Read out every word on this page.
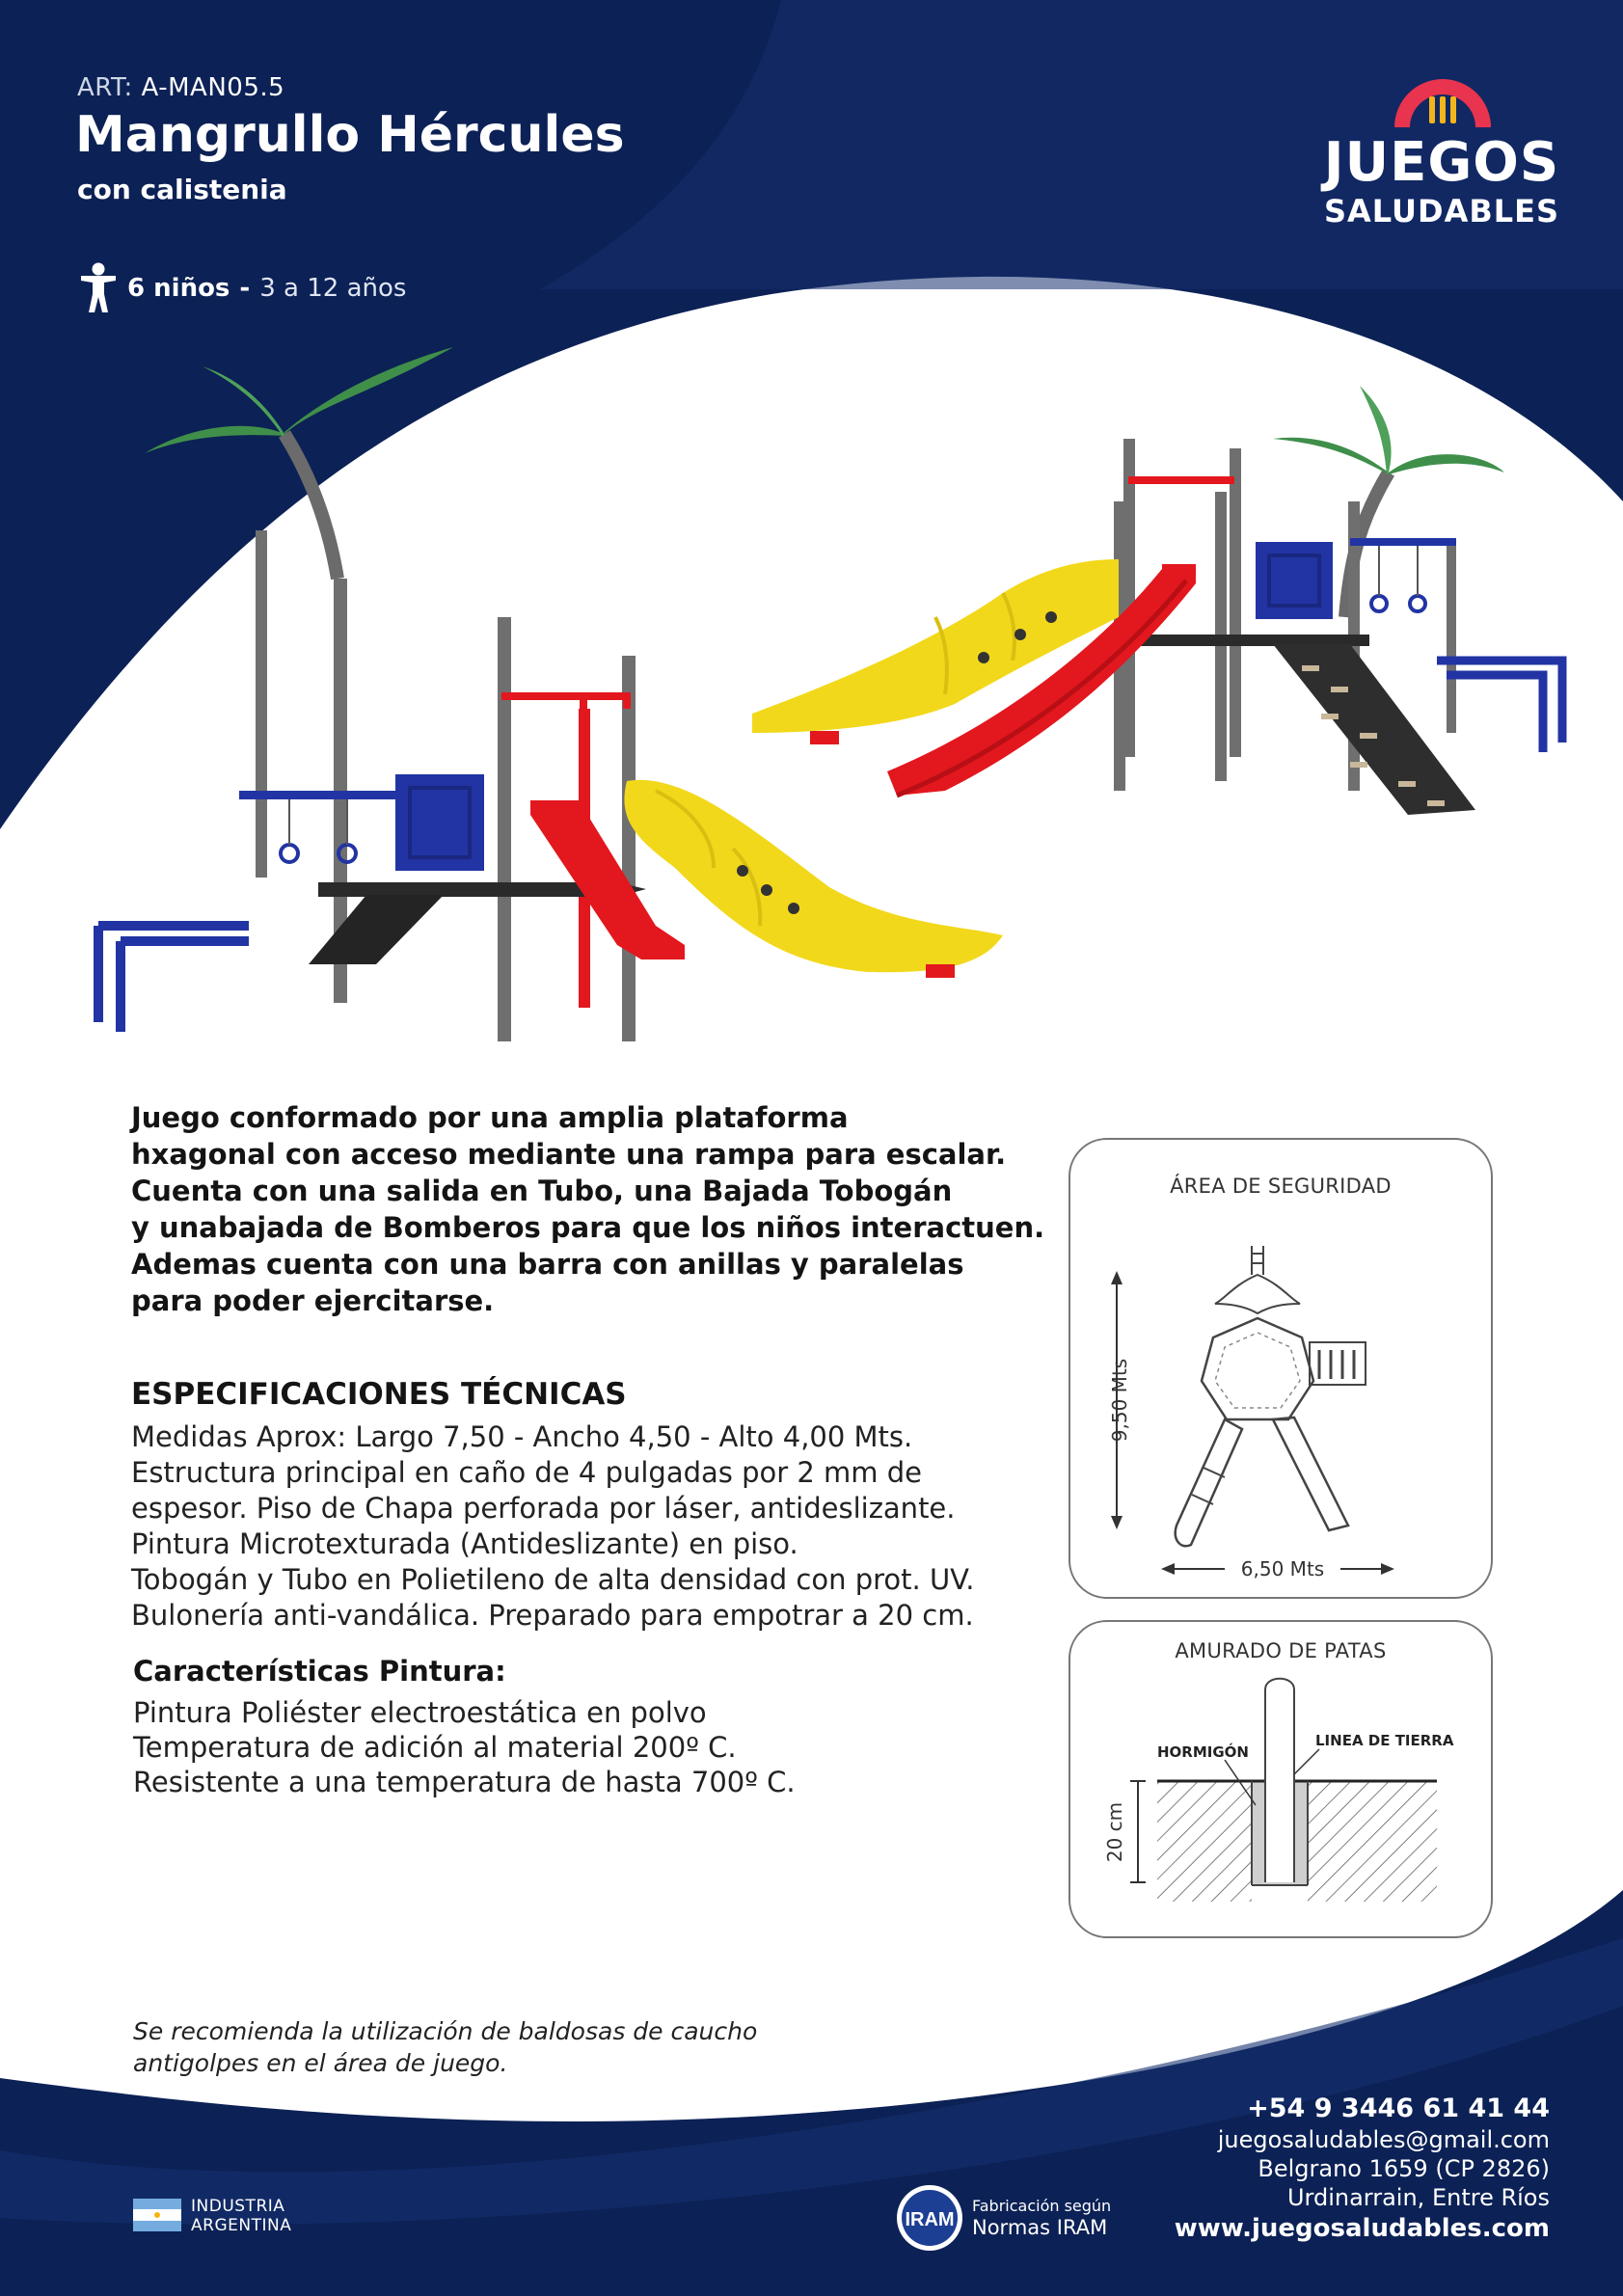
ART: A-MAN05.5
Mangrullo Hércules
con calistenia
6 niños - 3 a 12 años
JUEGOS
SALUDABLES
Juego conformado por una amplia plataforma
hxagonal con acceso mediante una rampa para escalar.
Cuenta con una salida en Tubo, una Bajada Tobogán
y unabajada de Bomberos para que los niños interactuen.
Ademas cuenta con una barra con anillas y paralelas
para poder ejercitarse.
ESPECIFICACIONES TÉCNICAS
Medidas Aprox: Largo 7,50 - Ancho 4,50 - Alto 4,00 Mts.
Estructura principal en caño de 4 pulgadas por 2 mm de
espesor. Piso de Chapa perforada por láser, antideslizante.
Pintura Microtexturada (Antideslizante) en piso.
Tobogán y Tubo en Polietileno de alta densidad con prot. UV.
Bulonería anti-vandálica. Preparado para empotrar a 20 cm.
Características Pintura:
Pintura Poliéster electroestática en polvo
Temperatura de adición al material 200º C.
Resistente a una temperatura de hasta 700º C.
ÁREA DE SEGURIDAD
9,50 Mts
6,50 Mts
AMURADO DE PATAS
HORMIGÓN
LINEA DE TIERRA
20 cm
Se recomienda la utilización de baldosas de caucho
antigolpes en el área de juego.
+54 9 3446 61 41 44
juegosaludables@gmail.com
Belgrano 1659 (CP 2826)
Urdinarrain, Entre Ríos
www.juegosaludables.com
INDUSTRIA
ARGENTINA	IRAM
Fabricación según
Normas IRAM
